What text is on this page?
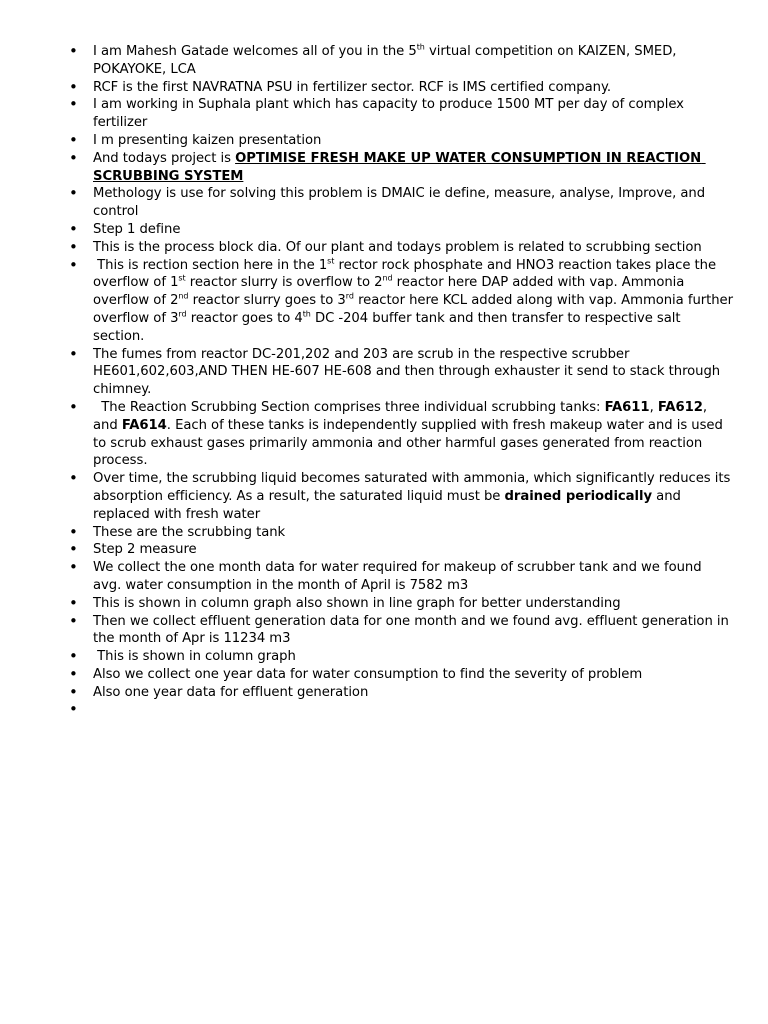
• I am Mahesh Gatade welcomes all of you in the 5th virtual competition on KAIZEN, SMED, POKAYOKE, LCA
• RCF is the first NAVRATNA PSU in fertilizer sector. RCF is IMS certified company.
• I am working in Suphala plant which has capacity to produce 1500 MT per day of complex fertilizer
• I m presenting kaizen presentation
• And todays project is OPTIMISE FRESH MAKE UP WATER CONSUMPTION IN REACTION SCRUBBING SYSTEM
• Methology is use for solving this problem is DMAIC ie define, measure, analyse, Improve, and control
• Step 1 define
• This is the process block dia. Of our plant and todays problem is related to scrubbing section
•  This is rection section here in the 1st rector rock phosphate and HNO3 reaction takes place the overflow of 1st reactor slurry is overflow to 2nd reactor here DAP added with vap. Ammonia overflow of 2nd reactor slurry goes to 3rd reactor here KCL added along with vap. Ammonia further  overflow of 3rd reactor goes to 4th DC -204 buffer tank and then transfer to respective salt section.
• The fumes from reactor DC-201,202 and 203 are scrub in the respective scrubber HE601,602,603,AND THEN HE-607 HE-608 and then through exhauster it send to stack through chimney.
•   The Reaction Scrubbing Section comprises three individual scrubbing tanks: FA611, FA612, and FA614. Each of these tanks is independently supplied with fresh makeup water and is used to scrub exhaust gases primarily ammonia and other harmful gases generated from reaction process.
• Over time, the scrubbing liquid becomes saturated with ammonia, which significantly reduces its absorption efficiency. As a result, the saturated liquid must be drained periodically and replaced with fresh water
• These are the scrubbing tank
• Step 2 measure
• We collect the one month data for water required for makeup of scrubber tank and we found avg. water consumption in the month of April is 7582 m3
• This is shown in column graph also shown in line graph for better understanding
• Then we collect effluent generation data for one month and we found avg. effluent generation in the month of Apr is 11234 m3
•  This is shown in column graph
• Also we collect one year data for water consumption to find the severity of problem
• Also one year data for effluent generation
•
